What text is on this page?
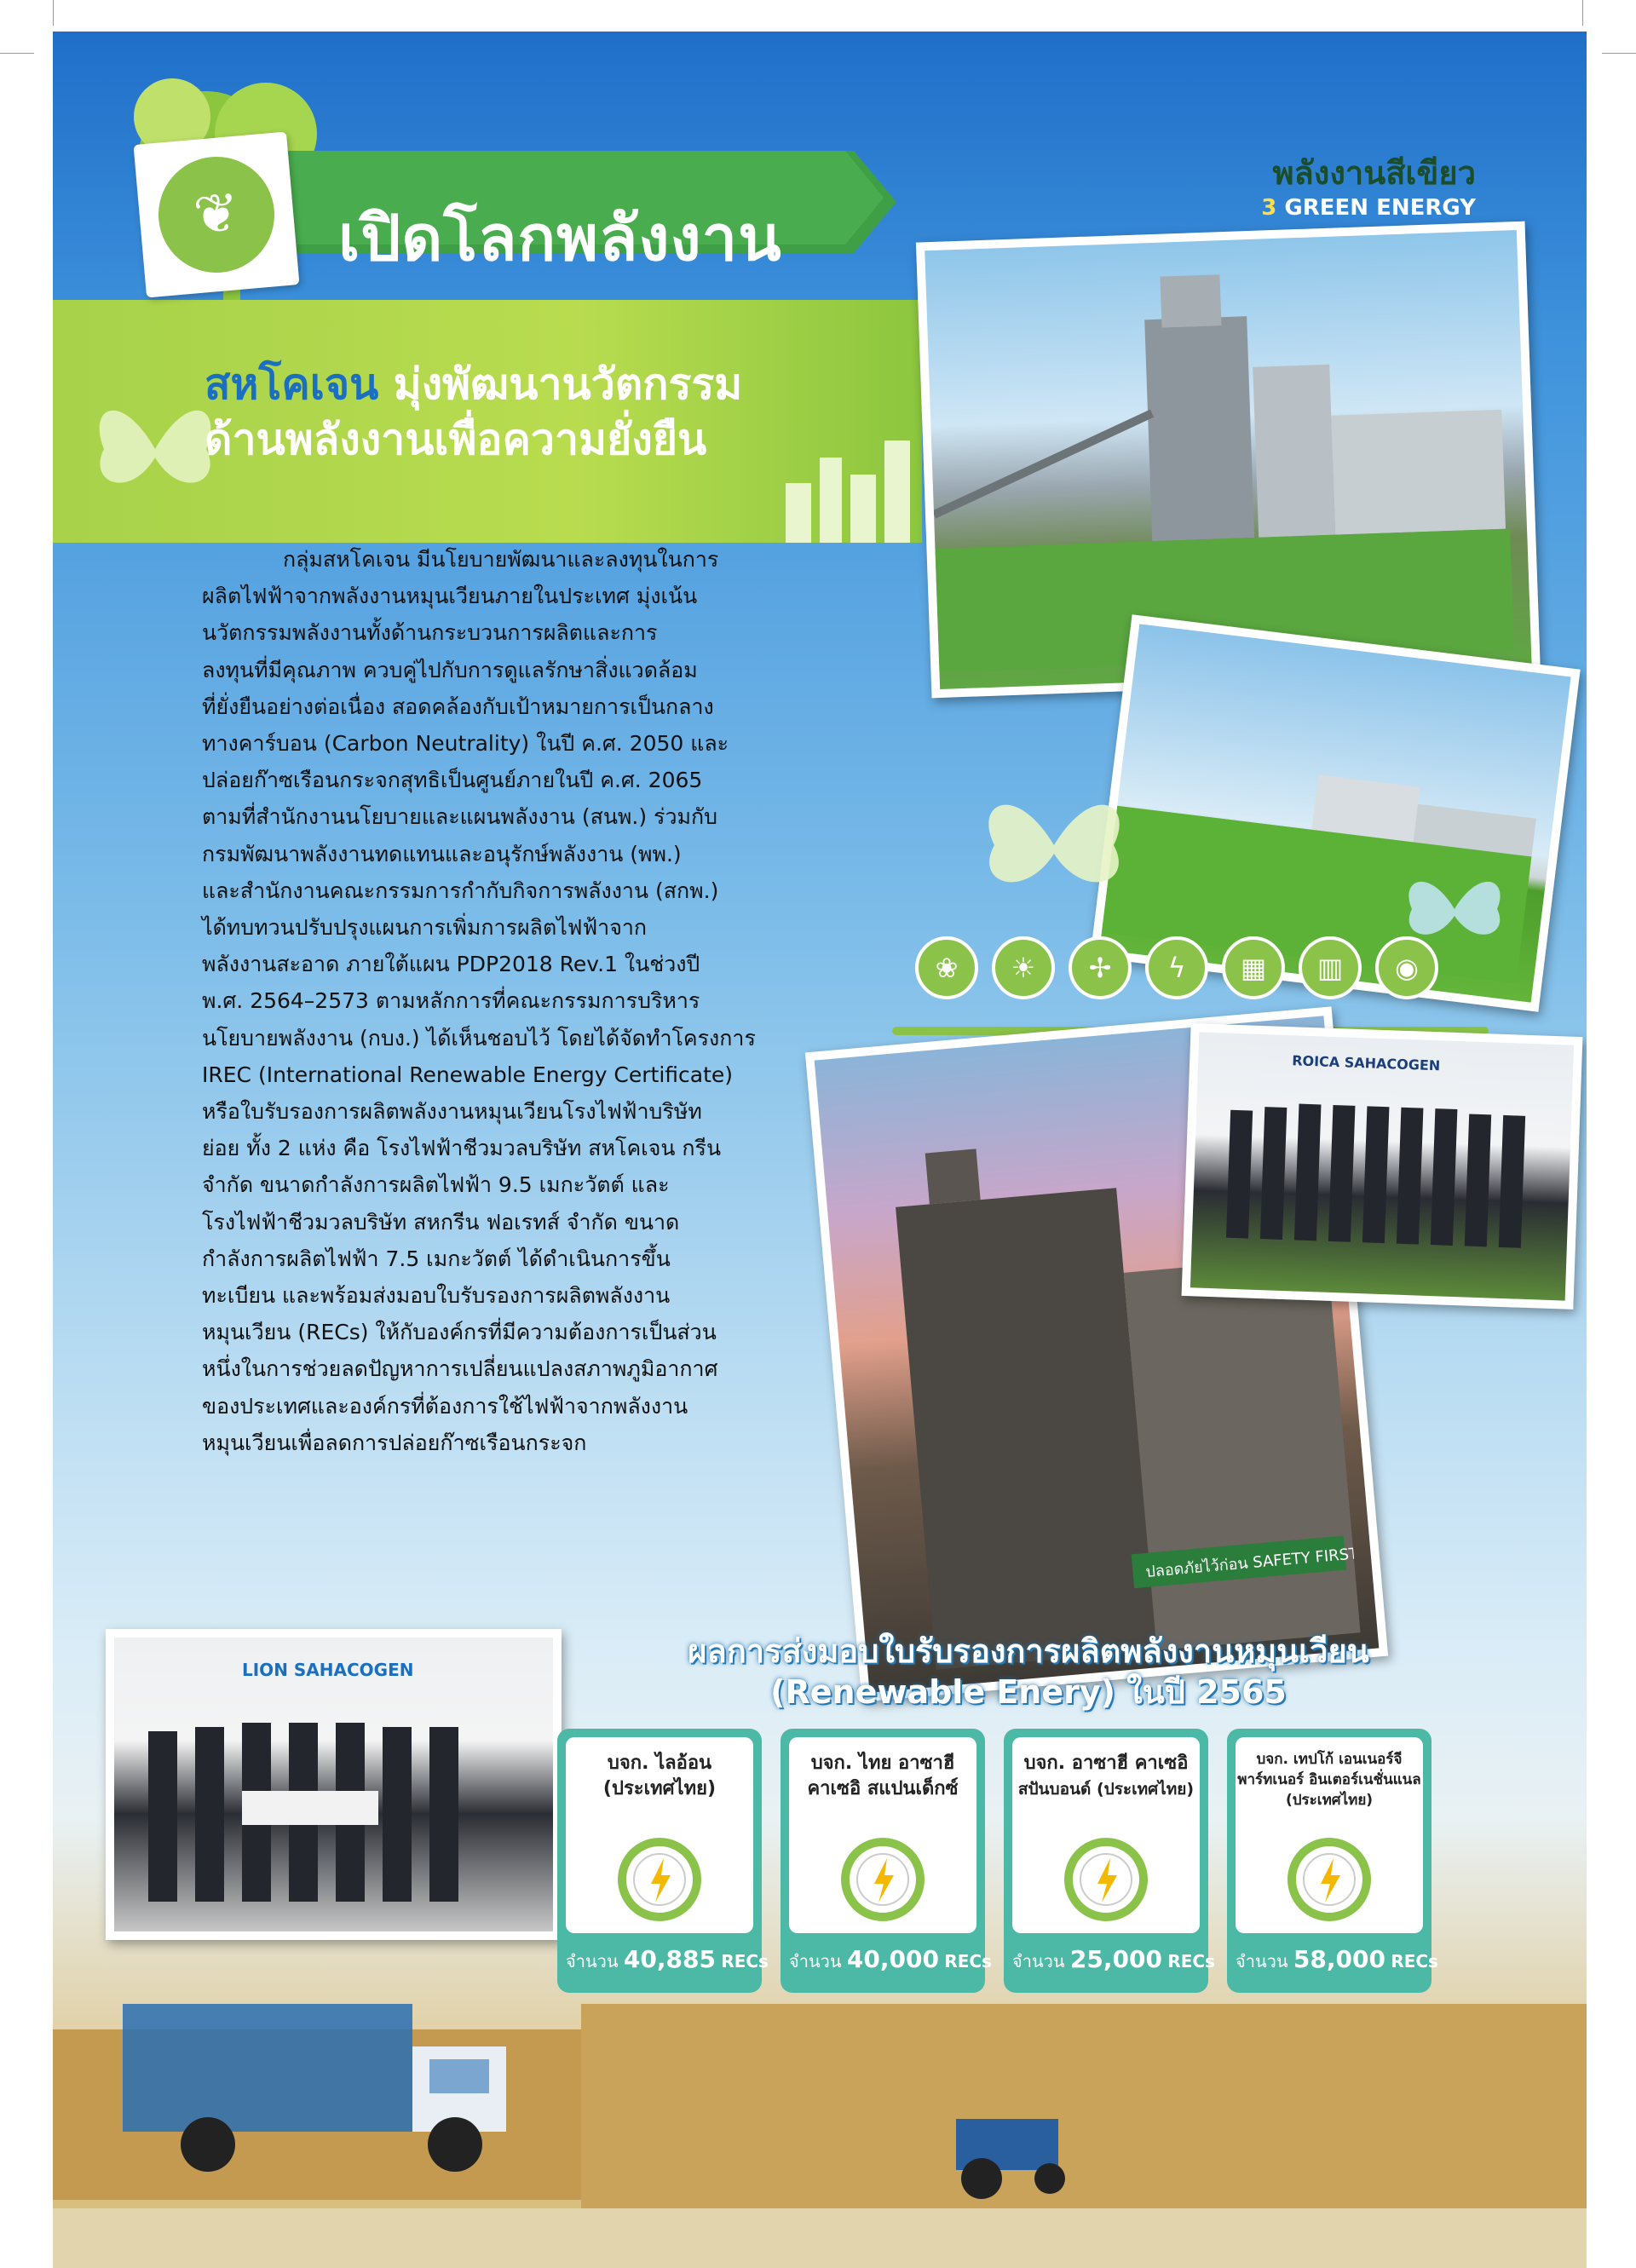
❦	เปิดโลกพลังงาน
พลังงานสีเขียว
3 GREEN ENERGY
สหโคเจน มุ่งพัฒนานวัตกรรม
ด้านพลังงานเพื่อความยั่งยืน
กลุ่มสหโคเจน มีนโยบายพัฒนาและลงทุนในการ
ผลิตไฟฟ้าจากพลังงานหมุนเวียนภายในประเทศ มุ่งเน้น
นวัตกรรมพลังงานทั้งด้านกระบวนการผลิตและการ
ลงทุนที่มีคุณภาพ ควบคู่ไปกับการดูแลรักษาสิ่งแวดล้อม
ที่ยั่งยืนอย่างต่อเนื่อง สอดคล้องกับเป้าหมายการเป็นกลาง
ทางคาร์บอน (Carbon Neutrality) ในปี ค.ศ. 2050 และ
ปล่อยก๊าซเรือนกระจกสุทธิเป็นศูนย์ภายในปี ค.ศ. 2065
ตามที่สำนักงานนโยบายและแผนพลังงาน (สนพ.) ร่วมกับ
กรมพัฒนาพลังงานทดแทนและอนุรักษ์พลังงาน (พพ.)
และสำนักงานคณะกรรมการกำกับกิจการพลังงาน (สกพ.)
ได้ทบทวนปรับปรุงแผนการเพิ่มการผลิตไฟฟ้าจาก
พลังงานสะอาด ภายใต้แผน PDP2018 Rev.1 ในช่วงปี
พ.ศ. 2564–2573 ตามหลักการที่คณะกรรมการบริหาร
นโยบายพลังงาน (กบง.) ได้เห็นชอบไว้ โดยได้จัดทำโครงการ
IREC (International Renewable Energy Certificate)
หรือใบรับรองการผลิตพลังงานหมุนเวียนโรงไฟฟ้าบริษัท
ย่อย ทั้ง 2 แห่ง คือ โรงไฟฟ้าชีวมวลบริษัท สหโคเจน กรีน
จำกัด ขนาดกำลังการผลิตไฟฟ้า 9.5 เมกะวัตต์ และ
โรงไฟฟ้าชีวมวลบริษัท สหกรีน ฟอเรทส์ จำกัด ขนาด
กำลังการผลิตไฟฟ้า 7.5 เมกะวัตต์ ได้ดำเนินการขึ้น
ทะเบียน และพร้อมส่งมอบใบรับรองการผลิตพลังงาน
หมุนเวียน (RECs) ให้กับองค์กรที่มีความต้องการเป็นส่วน
หนึ่งในการช่วยลดปัญหาการเปลี่ยนแปลงสภาพภูมิอากาศ
ของประเทศและองค์กรที่ต้องการใช้ไฟฟ้าจากพลังงาน
หมุนเวียนเพื่อลดการปล่อยก๊าซเรือนกระจก
❀	☀	✢	ϟ	▦	▥	◉
ปลอดภัยไว้ก่อน SAFETY FIRST
ROICA SAHACOGEN
LION SAHACOGEN	ผลการส่งมอบใบรับรองการผลิตพลังงานหมุนเวียน
(Renewable Enery) ในปี 2565
บจก. ไลอ้อน
(ประเทศไทย)
จำนวน 40,885 RECs
บจก. ไทย อาซาฮี
คาเซอิ สแปนเด็กซ์
จำนวน 40,000 RECs
บจก. อาซาฮี คาเซอิ
สปันบอนด์ (ประเทศไทย)
จำนวน 25,000 RECs
บจก. เทปโก้ เอนเนอร์จี
พาร์ทเนอร์ อินเตอร์เนชั่นแนล
(ประเทศไทย)
จำนวน 58,000 RECs
